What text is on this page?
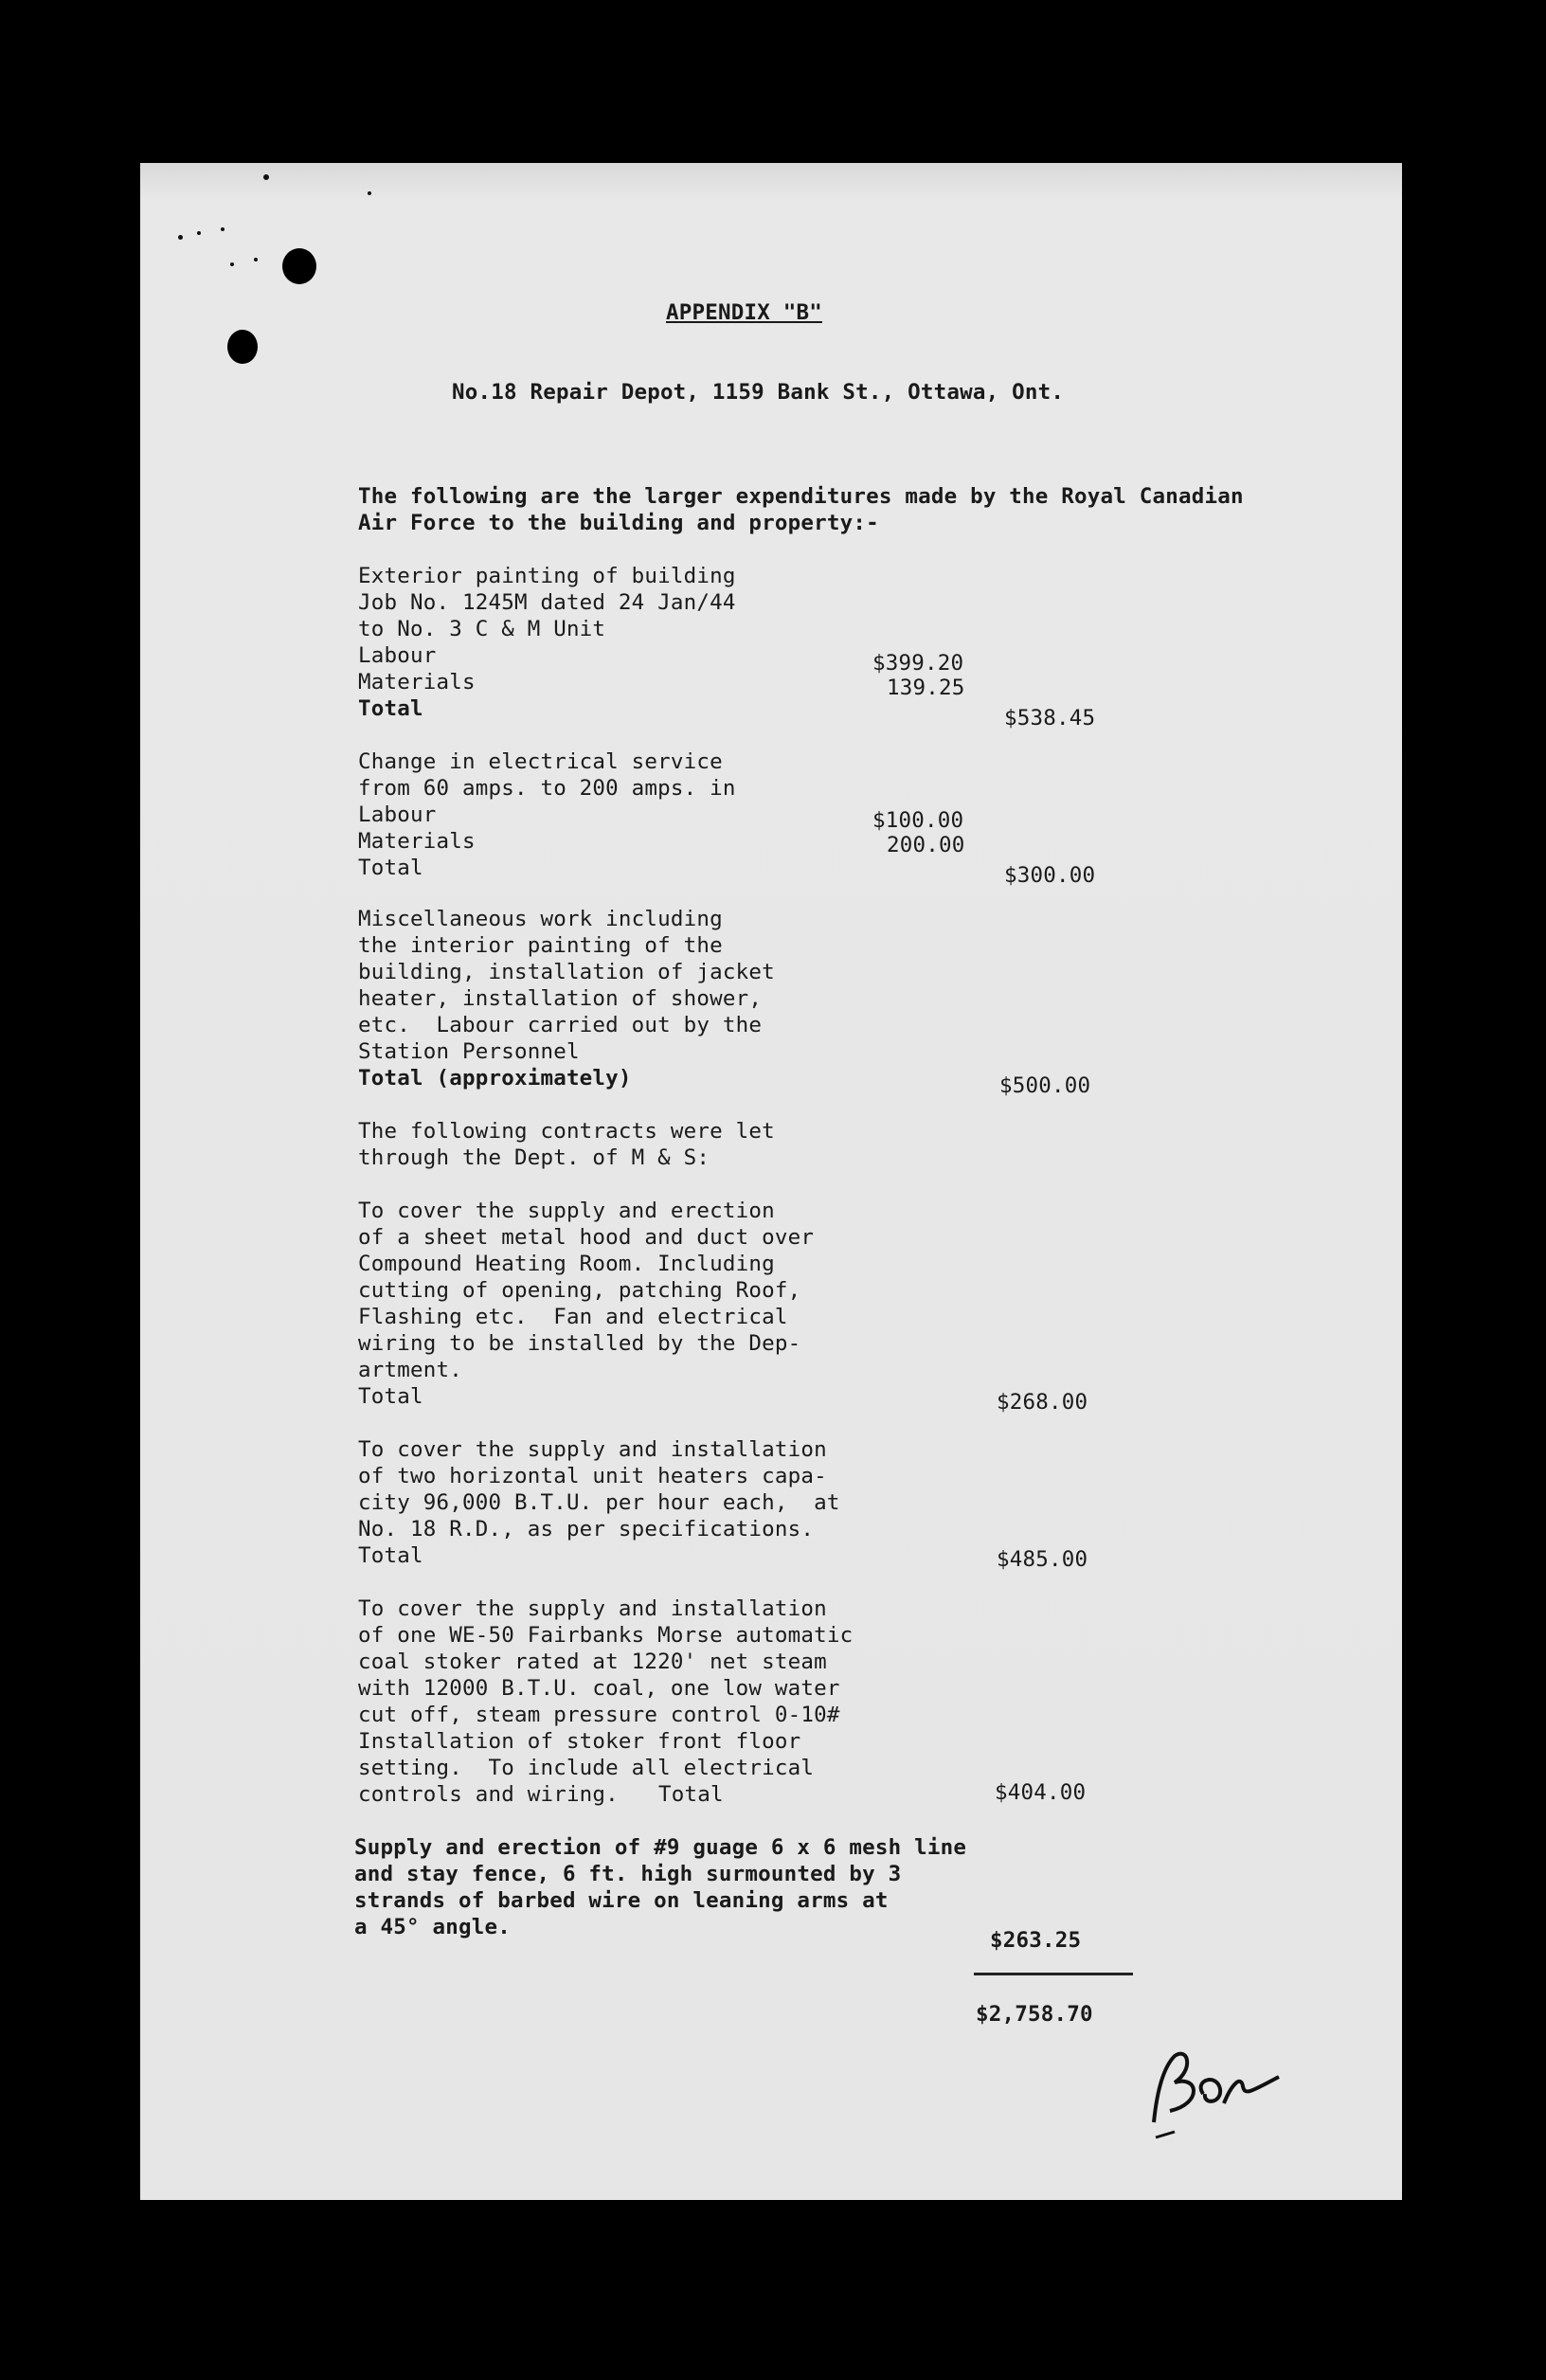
APPENDIX "B"
No.18 Repair Depot, 1159 Bank St., Ottawa, Ont.
The following are the larger expenditures made by the Royal Canadian
Air Force to the building and property:-
Exterior painting of building
Job No. 1245M dated 24 Jan/44
to No. 3 C & M Unit
Labour	$399.20
Materials	139.25
Total	$538.45
Change in electrical service
from 60 amps. to 200 amps. in
Labour	$100.00
Materials	200.00
Total	$300.00
Miscellaneous work including
the interior painting of the
building, installation of jacket
heater, installation of shower,
etc.  Labour carried out by the
Station Personnel
Total (approximately)	$500.00
The following contracts were let
through the Dept. of M & S:
To cover the supply and erection
of a sheet metal hood and duct over
Compound Heating Room. Including
cutting of opening, patching Roof,
Flashing etc.  Fan and electrical
wiring to be installed by the Dep-
artment.
Total	$268.00
To cover the supply and installation
of two horizontal unit heaters capa-
city 96,000 B.T.U. per hour each,  at
No. 18 R.D., as per specifications.
Total	$485.00
To cover the supply and installation
of one WE-50 Fairbanks Morse automatic
coal stoker rated at 1220' net steam
with 12000 B.T.U. coal, one low water
cut off, steam pressure control 0-10#
Installation of stoker front floor
setting.  To include all electrical
controls and wiring. Total	$404.00
Supply and erection of #9 guage 6 x 6 mesh line
and stay fence, 6 ft. high surmounted by 3
strands of barbed wire on leaning arms at
a 45° angle.
$263.25
$2,758.70
